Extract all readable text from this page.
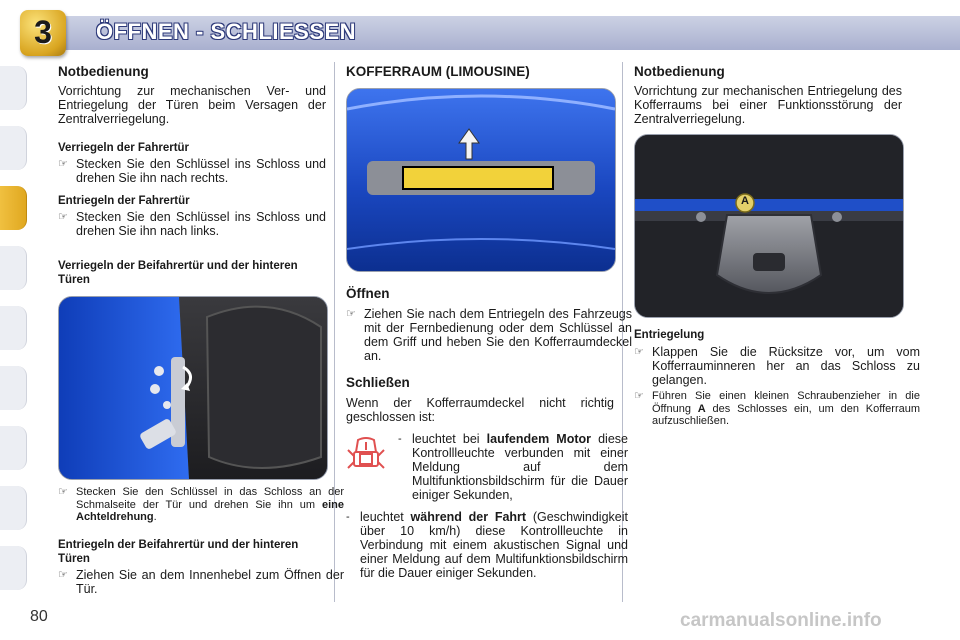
ÖFFNEN - SCHLIESSEN
3
Notbedienung
Vorrichtung zur mechanischen Ver- und Entriegelung der Türen beim Versagen der Zentralverriegelung.
Verriegeln der Fahrertür
☞ Stecken Sie den Schlüssel ins Schloss und drehen Sie ihn nach rechts.
Entriegeln der Fahrertür
☞ Stecken Sie den Schlüssel ins Schloss und drehen Sie ihn nach links.
Verriegeln der Beifahrertür und der hinteren Türen
☞ Stecken Sie den Schlüssel in das Schloss an der Schmalseite der Tür und drehen Sie ihn um eine Achteldrehung.
Entriegeln der Beifahrertür und der hinteren Türen
☞ Ziehen Sie an dem Innenhebel zum Öffnen der Tür.
KOFFERRAUM (LIMOUSINE)
Öffnen
☞ Ziehen Sie nach dem Entriegeln des Fahrzeugs mit der Fernbedienung oder dem Schlüssel an dem Griff und heben Sie den Kofferraumdeckel an.
Schließen
Wenn der Kofferraumdeckel nicht richtig geschlossen ist:
- leuchtet bei laufendem Motor diese Kontrollleuchte verbunden mit einer Meldung auf dem Multifunktionsbildschirm für die Dauer einiger Sekunden,
- leuchtet während der Fahrt (Geschwindigkeit über 10 km/h) diese Kontrollleuchte in Verbindung mit einem akustischen Signal und einer Meldung auf dem Multifunktionsbildschirm für die Dauer einiger Sekunden.
Notbedienung
Vorrichtung zur mechanischen Entriegelung des Kofferraums bei einer Funktionsstörung der Zentralverriegelung.
A
Entriegelung
☞ Klappen Sie die Rücksitze vor, um vom Kofferrauminneren her an das Schloss zu gelangen.
☞ Führen Sie einen kleinen Schraubenzieher in die Öffnung A des Schlosses ein, um den Kofferraum aufzuschließen.
80	carmanualsonline.info
